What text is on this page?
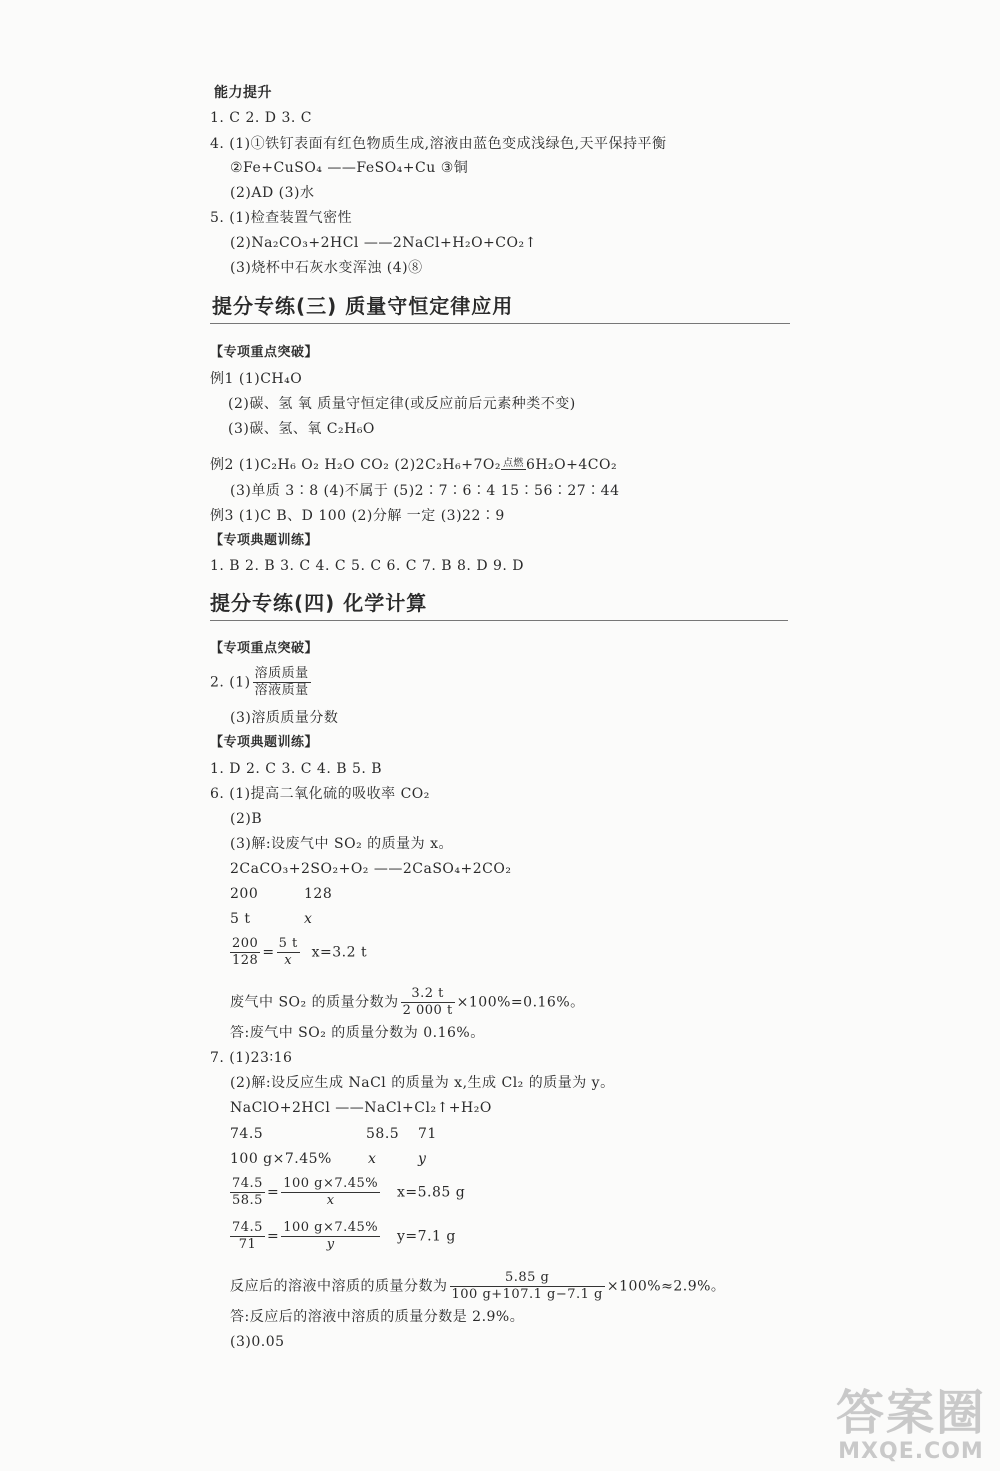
能力提升
1. C 2. D 3. C
4. (1)①铁钉表面有红色物质生成,溶液由蓝色变成浅绿色,天平保持平衡
②Fe+CuSO₄ ——FeSO₄+Cu ③铜
(2)AD (3)水
5. (1)检查装置气密性
(2)Na₂CO₃+2HCl ——2NaCl+H₂O+CO₂↑
(3)烧杯中石灰水变浑浊 (4)⑧
提分专练(三) 质量守恒定律应用
【专项重点突破】
例1 (1)CH₄O
(2)碳、氢 氧 质量守恒定律(或反应前后元素种类不变)
(3)碳、氢、氧 C₂H₆O
例2 (1)C₂H₆ O₂ H₂O CO₂ (2)2C₂H₆+7O₂ 点燃 6H₂O+4CO₂
(3)单质 3∶8 (4)不属于 (5)2∶7∶6∶4 15∶56∶27∶44
例3 (1)C B、D 100 (2)分解 一定 (3)22∶9
【专项典题训练】
1. B 2. B 3. C 4. C 5. C 6. C 7. B 8. D 9. D
提分专练(四) 化学计算
【专项重点突破】
2. $(1) \frac{\text{溶质质量}}{\text{溶液质量}}$
(3)溶质质量分数
【专项典题训练】
1. D 2. C 3. C 4. B 5. B
6. (1)提高二氧化硫的吸收率 CO₂
(2)B
(3)解:设废气中 SO₂ 的质量为 x。
2CaCO₃+2SO₂+O₂ ——2CaSO₄+2CO₂
200	128
5 t	x
$\frac{200}{128} = \frac{5 t}{x} x=3.2$ t
废气中 SO₂ 的质量分数为 $\frac{3.2 t}{2 000 t} \times 100\%=0.16\%$。
答:废气中 SO₂ 的质量分数为 0.16%。
7. (1)23∶16
(2)解:设反应生成 NaCl 的质量为 x,生成 Cl₂ 的质量为 y。
NaClO+2HCl ——NaCl+Cl₂↑+H₂O
74.5	58.5 71
100 g×7.45%	x	y
$\frac{74.5}{58.5} = \frac{100 g\times 7.45\%}{x} x=5.85$ g
$\frac{74.5}{71} = \frac{100 g\times 7.45\%}{y} y=7.1$ g
反应后的溶液中溶质的质量分数为 $\frac{5.85 g}{100 g+107.1 g-7.1 g} \times 100\%\approx 2.9\%$。
答:反应后的溶液中溶质的质量分数是 2.9%。
(3)0.05
答案圈
MXQE.COM
